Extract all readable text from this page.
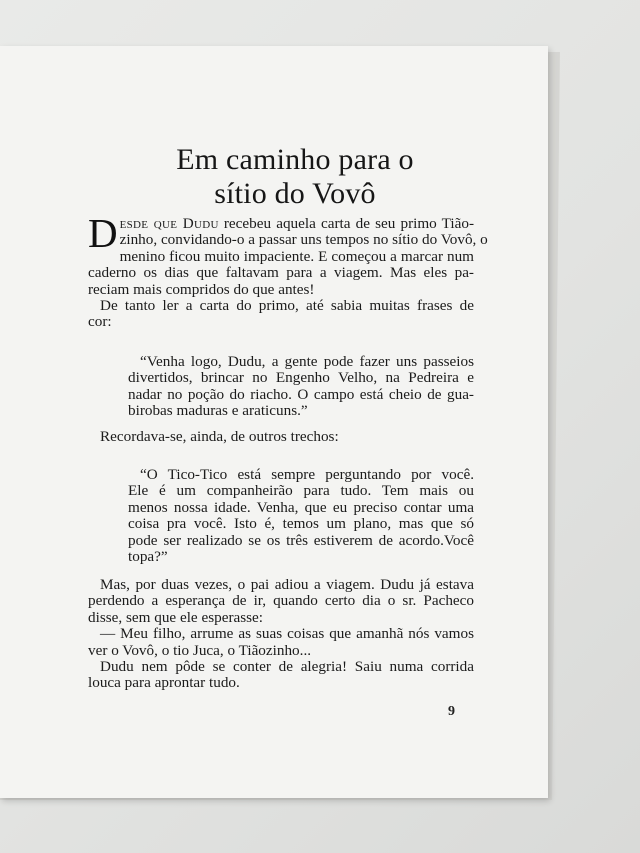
Em caminho para o
sítio do Vovô
D esde que Dudu recebeu aquela carta de seu primo Tião-
zinho, convidando-o a passar uns tempos no sítio do Vovô, o
menino ficou muito impaciente. E começou a marcar num
caderno os dias que faltavam para a viagem. Mas eles pa-
reciam mais compridos do que antes!
De tanto ler a carta do primo, até sabia muitas frases de
cor:
“Venha logo, Dudu, a gente pode fazer uns passeios
divertidos, brincar no Engenho Velho, na Pedreira e
nadar no poção do riacho. O campo está cheio de gua-
birobas maduras e araticuns.”
Recordava-se, ainda, de outros trechos:
“O Tico-Tico está sempre perguntando por você.
Ele é um companheirão para tudo. Tem mais ou
menos nossa idade. Venha, que eu preciso contar uma
coisa pra você. Isto é, temos um plano, mas que só
pode ser realizado se os três estiverem de acordo.Você
topa?”
Mas, por duas vezes, o pai adiou a viagem. Dudu já estava
perdendo a esperança de ir, quando certo dia o sr. Pacheco
disse, sem que ele esperasse:
— Meu filho, arrume as suas coisas que amanhã nós vamos
ver o Vovô, o tio Juca, o Tiãozinho...
Dudu nem pôde se conter de alegria! Saiu numa corrida
louca para aprontar tudo.
9
